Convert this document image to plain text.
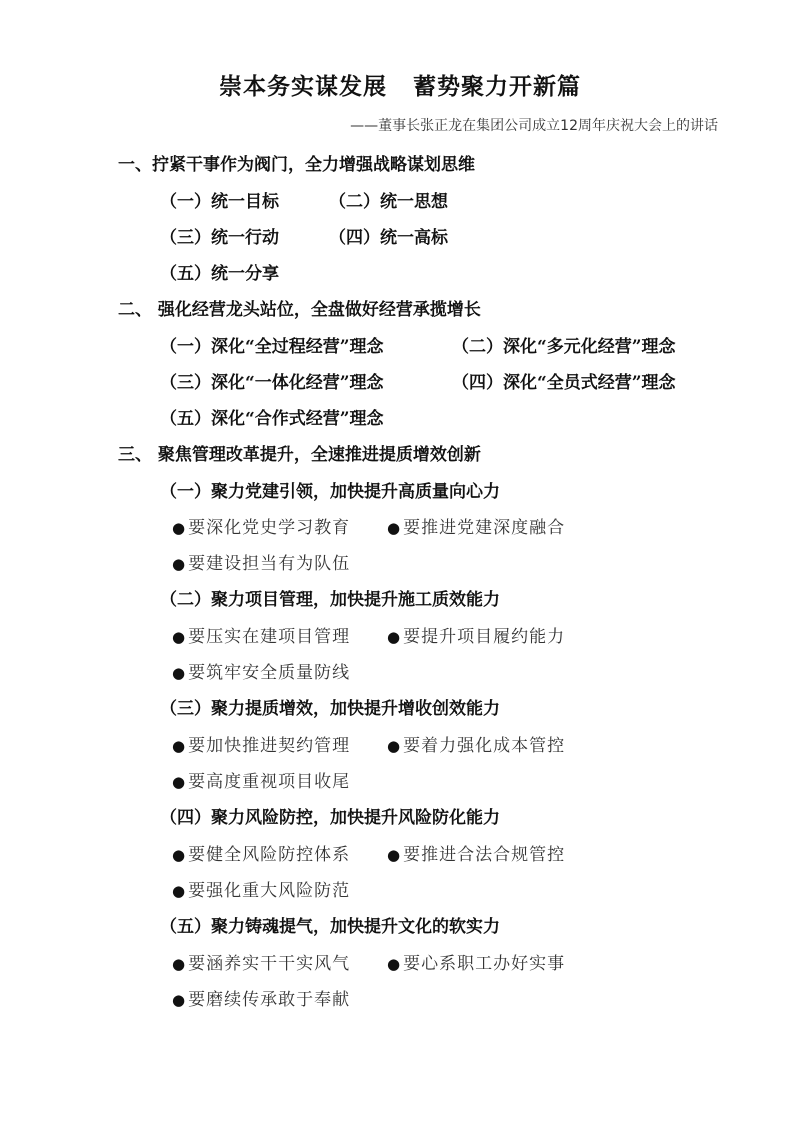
崇本务实谋发展 蓄势聚力开新篇
——董事长张正龙在集团公司成立12周年庆祝大会上的讲话
一、拧紧干事作为阀门，全力增强战略谋划思维
（一）统一目标	（二）统一思想
（三）统一行动	（四）统一高标
（五）统一分享
二、 强化经营龙头站位，全盘做好经营承揽增长
（一）深化“全过程经营”理念	（二）深化“多元化经营”理念
（三）深化“一体化经营”理念	（四）深化“全员式经营”理念
（五）深化“合作式经营”理念
三、 聚焦管理改革提升，全速推进提质增效创新
（一）聚力党建引领，加快提升高质量向心力
● 要深化党史学习教育 ● 要推进党建深度融合
● 要建设担当有为队伍
（二）聚力项目管理，加快提升施工质效能力
● 要压实在建项目管理 ● 要提升项目履约能力
● 要筑牢安全质量防线
（三）聚力提质增效，加快提升增收创效能力
● 要加快推进契约管理 ● 要着力强化成本管控
● 要高度重视项目收尾
（四）聚力风险防控，加快提升风险防化能力
● 要健全风险防控体系 ● 要推进合法合规管控
● 要强化重大风险防范
（五）聚力铸魂提气，加快提升文化的软实力
● 要涵养实干干实风气 ● 要心系职工办好实事
● 要磨续传承敢于奉献
